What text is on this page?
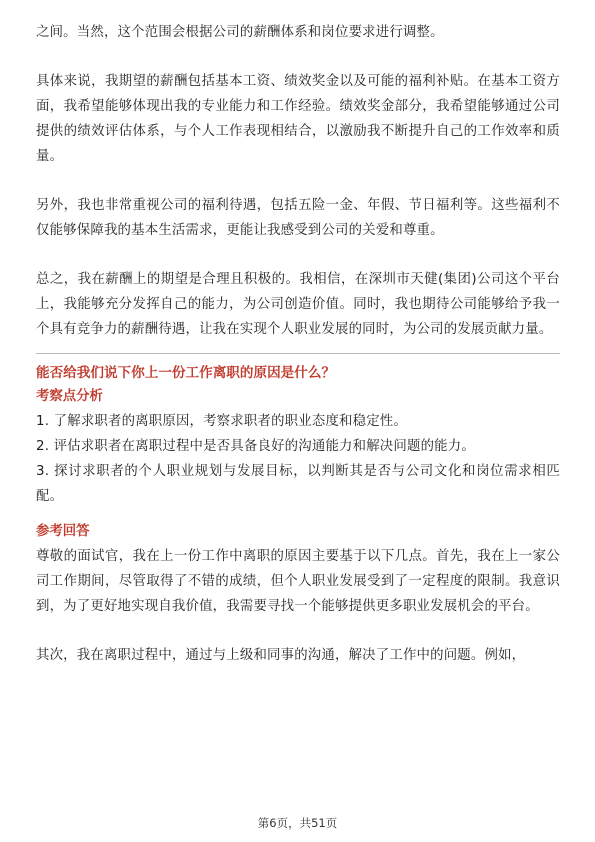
之间。当然，这个范围会根据公司的薪酬体系和岗位要求进行调整。

具体来说，我期望的薪酬包括基本工资、绩效奖金以及可能的福利补贴。在基本工资方面，我希望能够体现出我的专业能力和工作经验。绩效奖金部分，我希望能够通过公司提供的绩效评估体系，与个人工作表现相结合，以激励我不断提升自己的工作效率和质量。

另外，我也非常重视公司的福利待遇，包括五险一金、年假、节日福利等。这些福利不仅能够保障我的基本生活需求，更能让我感受到公司的关爱和尊重。

总之，我在薪酬上的期望是合理且积极的。我相信，在深圳市天健(集团)公司这个平台上，我能够充分发挥自己的能力，为公司创造价值。同时，我也期待公司能够给予我一个具有竞争力的薪酬待遇，让我在实现个人职业发展的同时，为公司的发展贡献力量。

能否给我们说下你上一份工作离职的原因是什么？

考察点分析

1. 了解求职者的离职原因，考察求职者的职业态度和稳定性。

2. 评估求职者在离职过程中是否具备良好的沟通能力和解决问题的能力。

3. 探讨求职者的个人职业规划与发展目标，以判断其是否与公司文化和岗位需求相匹配。

参考回答

尊敬的面试官，我在上一份工作中离职的原因主要基于以下几点。首先，我在上一家公司工作期间，尽管取得了不错的成绩，但个人职业发展受到了一定程度的限制。我意识到，为了更好地实现自我价值，我需要寻找一个能够提供更多职业发展机会的平台。

其次，我在离职过程中，通过与上级和同事的沟通，解决了工作中的问题。例如，

第6页，共51页
